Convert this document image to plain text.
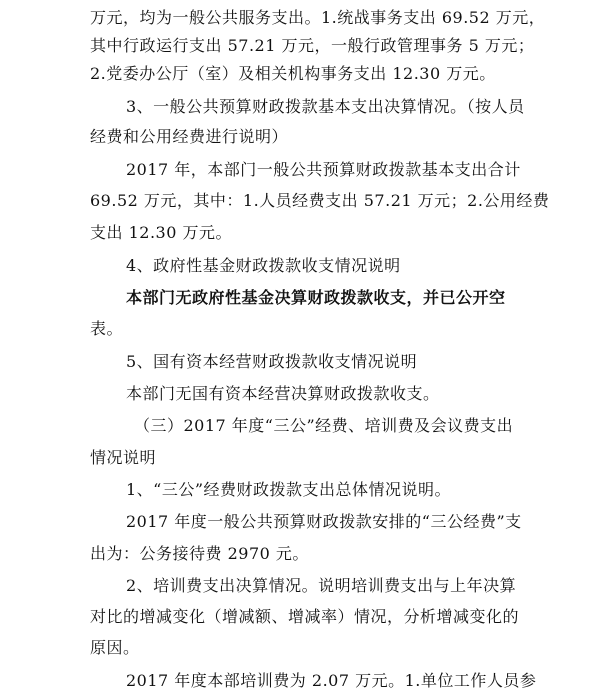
万元，均为一般公共服务支出。1.统战事务支出 69.52 万元，
其中行政运行支出 57.21 万元，一般行政管理事务 5 万元；
2.党委办公厅（室）及相关机构事务支出 12.30 万元。
3、一般公共预算财政拨款基本支出决算情况。（按人员
经费和公用经费进行说明）
2017 年，本部门一般公共预算财政拨款基本支出合计
69.52 万元，其中：1.人员经费支出 57.21 万元；2.公用经费
支出 12.30 万元。
4、政府性基金财政拨款收支情况说明
本部门无政府性基金决算财政拨款收支，并已公开空
表。
5、国有资本经营财政拨款收支情况说明
本部门无国有资本经营决算财政拨款收支。
（三）2017 年度“三公”经费、培训费及会议费支出
情况说明
1、“三公”经费财政拨款支出总体情况说明。
2017 年度一般公共预算财政拨款安排的“三公经费”支
出为：公务接待费 2970 元。
2、培训费支出决算情况。说明培训费支出与上年决算
对比的增减变化（增减额、增减率）情况，分析增减变化的
原因。
2017 年度本部培训费为 2.07 万元。1.单位工作人员参
